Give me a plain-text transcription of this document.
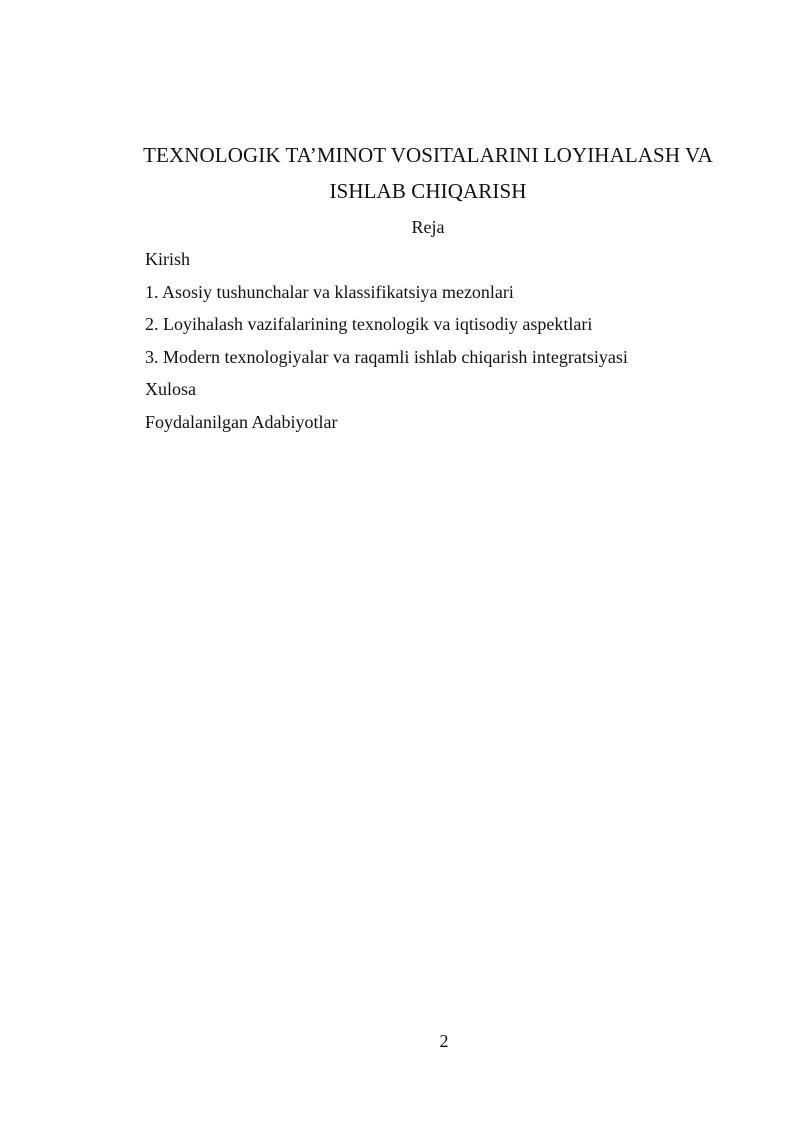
TEXNOLOGIK TA’MINOT VOSITALARINI LOYIHALASH VA
ISHLAB CHIQARISH
Reja
Kirish
1. Asosiy tushunchalar va klassifikatsiya mezonlari
2. Loyihalash vazifalarining texnologik va iqtisodiy aspektlari
3. Modern texnologiyalar va raqamli ishlab chiqarish integratsiyasi
Xulosa
Foydalanilgan Adabiyotlar
2
